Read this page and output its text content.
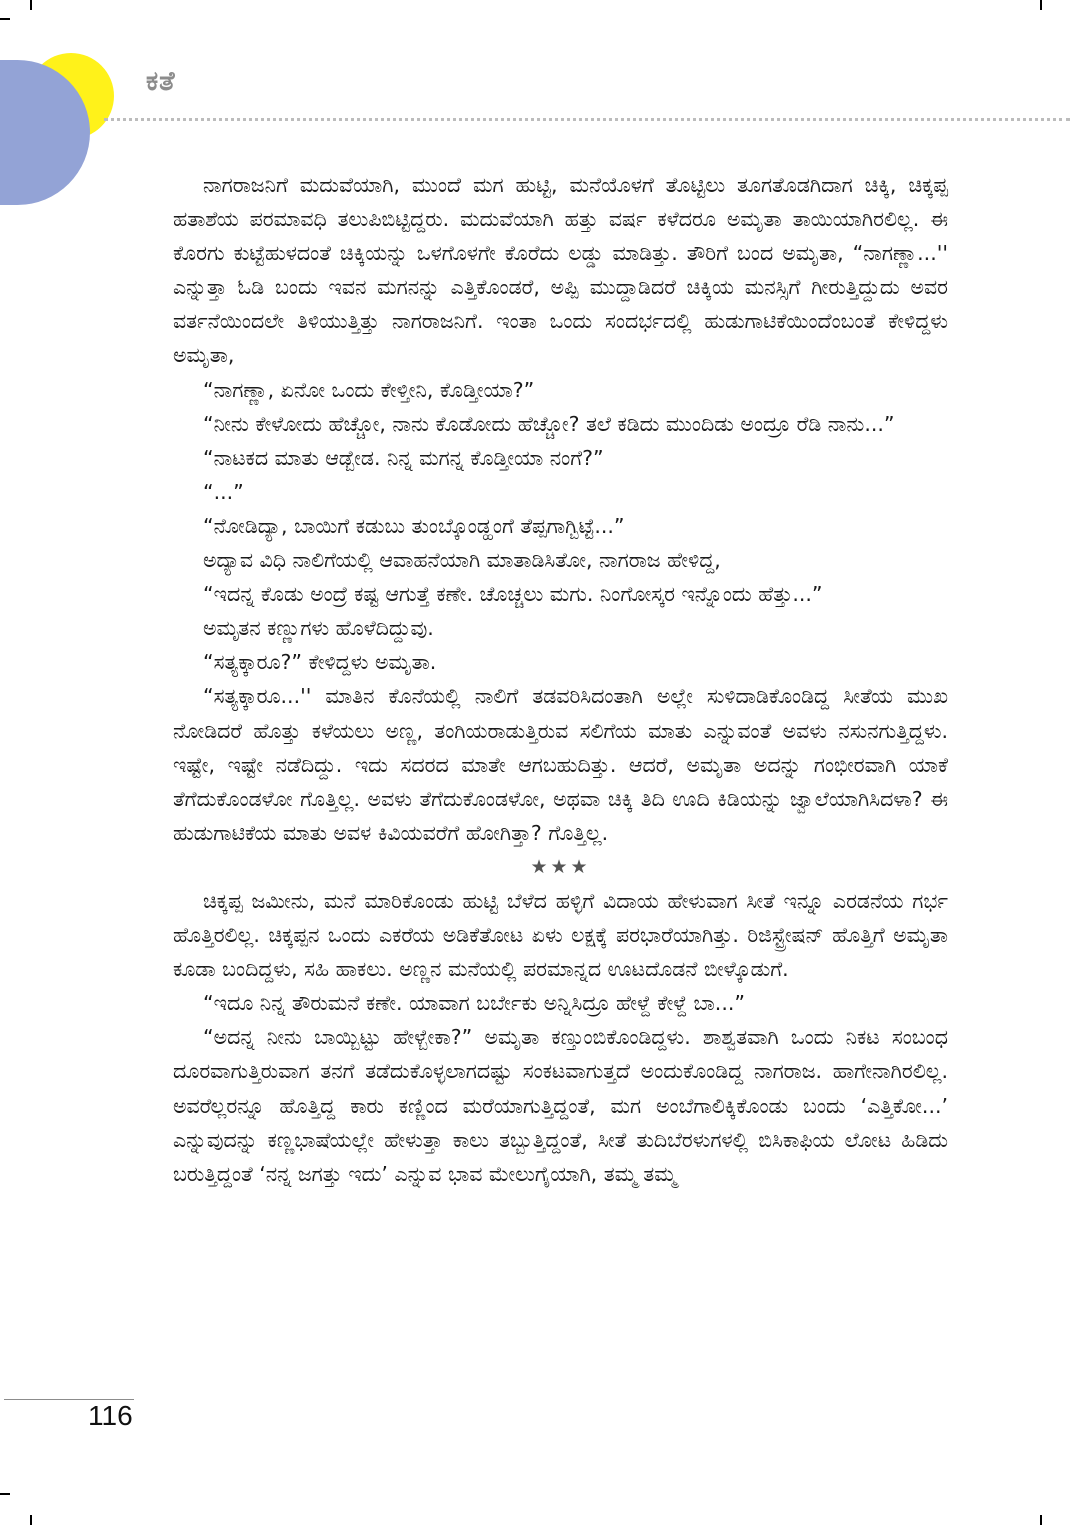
ಕತೆ

ನಾಗರಾಜನಿಗೆ ಮದುವೆಯಾಗಿ, ಮುಂದೆ ಮಗ ಹುಟ್ಟಿ, ಮನೆಯೊಳಗೆ ತೊಟ್ಟಿಲು ತೂಗತೊಡಗಿದಾಗ ಚಿಕ್ಕಿ, ಚಿಕ್ಕಪ್ಪ ಹತಾಶೆಯ ಪರಮಾವಧಿ ತಲುಪಿಬಿಟ್ಟಿದ್ದರು. ಮದುವೆಯಾಗಿ ಹತ್ತು ವರ್ಷ ಕಳೆದರೂ ಅಮೃತಾ ತಾಯಿಯಾಗಿರಲಿಲ್ಲ. ಈ ಕೊರಗು ಕುಟ್ಟೆಹುಳದಂತೆ ಚಿಕ್ಕಿಯನ್ನು ಒಳಗೊಳಗೇ ಕೊರೆದು ಲಡ್ಡು ಮಾಡಿತ್ತು. ತೌರಿಗೆ ಬಂದ ಅಮೃತಾ, “ನಾಗಣ್ಣಾ...'' ಎನ್ನುತ್ತಾ ಓಡಿ ಬಂದು ಇವನ ಮಗನನ್ನು ಎತ್ತಿಕೊಂಡರೆ, ಅಪ್ಪಿ ಮುದ್ದಾಡಿದರೆ ಚಿಕ್ಕಿಯ ಮನಸ್ಸಿಗೆ ಗೀರುತ್ತಿದ್ದುದು ಅವರ ವರ್ತನೆಯಿಂದಲೇ ತಿಳಿಯುತ್ತಿತ್ತು ನಾಗರಾಜನಿಗೆ. ಇಂತಾ ಒಂದು ಸಂದರ್ಭದಲ್ಲಿ ಹುಡುಗಾಟಿಕೆಯಿಂದೆಂಬಂತೆ ಕೇಳಿದ್ದಳು ಅಮೃತಾ,

“ನಾಗಣ್ಣಾ, ಏನೋ ಒಂದು ಕೇಳ್ತೀನಿ, ಕೊಡ್ತೀಯಾ?”

“ನೀನು ಕೇಳೋದು ಹೆಚ್ಚೋ, ನಾನು ಕೊಡೋದು ಹೆಚ್ಚೋ? ತಲೆ ಕಡಿದು ಮುಂದಿಡು ಅಂದ್ರೂ ರೆಡಿ ನಾನು...”

“ನಾಟಕದ ಮಾತು ಆಡ್ಬೇಡ. ನಿನ್ನ ಮಗನ್ನ ಕೊಡ್ತೀಯಾ ನಂಗೆ?”

“...”

“ನೋಡಿದ್ಯಾ, ಬಾಯಿಗೆ ಕಡುಬು ತುಂಬ್ಕೊಂಡ್ಹಂಗೆ ತೆಪ್ಪಗಾಗ್ಬಿಟ್ಟೆ...”

ಅದ್ಯಾವ ವಿಧಿ ನಾಲಿಗೆಯಲ್ಲಿ ಆವಾಹನೆಯಾಗಿ ಮಾತಾಡಿಸಿತೋ, ನಾಗರಾಜ ಹೇಳಿದ್ದ,

“ಇದನ್ನ ಕೊಡು ಅಂದ್ರೆ ಕಷ್ಟ ಆಗುತ್ತೆ ಕಣೇ. ಚೊಚ್ಚಲು ಮಗು. ನಿಂಗೋಸ್ಕರ ಇನ್ನೊಂದು ಹೆತ್ತು...”

ಅಮೃತನ ಕಣ್ಣುಗಳು ಹೊಳೆದಿದ್ದುವು.

“ಸತ್ಯಕ್ಕಾರೂ?” ಕೇಳಿದ್ದಳು ಅಮೃತಾ.

“ಸತ್ಯಕ್ಕಾರೂ...'' ಮಾತಿನ ಕೊನೆಯಲ್ಲಿ ನಾಲಿಗೆ ತಡವರಿಸಿದಂತಾಗಿ ಅಲ್ಲೇ ಸುಳಿದಾಡಿಕೊಂಡಿದ್ದ ಸೀತೆಯ ಮುಖ ನೋಡಿದರೆ ಹೊತ್ತು ಕಳೆಯಲು ಅಣ್ಣ, ತಂಗಿಯರಾಡುತ್ತಿರುವ ಸಲಿಗೆಯ ಮಾತು ಎನ್ನುವಂತೆ ಅವಳು ನಸುನಗುತ್ತಿದ್ದಳು. ಇಷ್ಟೇ, ಇಷ್ಟೇ ನಡೆದಿದ್ದು. ಇದು ಸದರದ ಮಾತೇ ಆಗಬಹುದಿತ್ತು. ಆದರೆ, ಅಮೃತಾ ಅದನ್ನು ಗಂಭೀರವಾಗಿ ಯಾಕೆ ತೆಗೆದುಕೊಂಡಳೋ ಗೊತ್ತಿಲ್ಲ. ಅವಳು ತೆಗೆದುಕೊಂಡಳೋ, ಅಥವಾ ಚಿಕ್ಕಿ ತಿದಿ ಊದಿ ಕಿಡಿಯನ್ನು ಜ್ವಾಲೆಯಾಗಿಸಿದಳಾ? ಈ ಹುಡುಗಾಟಿಕೆಯ ಮಾತು ಅವಳ ಕಿವಿಯವರೆಗೆ ಹೋಗಿತ್ತಾ? ಗೊತ್ತಿಲ್ಲ.

★★★

ಚಿಕ್ಕಪ್ಪ ಜಮೀನು, ಮನೆ ಮಾರಿಕೊಂಡು ಹುಟ್ಟಿ ಬೆಳೆದ ಹಳ್ಳಿಗೆ ವಿದಾಯ ಹೇಳುವಾಗ ಸೀತೆ ಇನ್ನೂ ಎರಡನೆಯ ಗರ್ಭ ಹೊತ್ತಿರಲಿಲ್ಲ. ಚಿಕ್ಕಪ್ಪನ ಒಂದು ಎಕರೆಯ ಅಡಿಕೆತೋಟ ಏಳು ಲಕ್ಷಕ್ಕೆ ಪರಭಾರೆಯಾಗಿತ್ತು. ರಿಜಿಸ್ಟ್ರೇಷನ್ ಹೊತ್ತಿಗೆ ಅಮೃತಾ ಕೂಡಾ ಬಂದಿದ್ದಳು, ಸಹಿ ಹಾಕಲು. ಅಣ್ಣನ ಮನೆಯಲ್ಲಿ ಪರಮಾನ್ನದ ಊಟದೊಡನೆ ಬೀಳ್ಕೊಡುಗೆ.

“ಇದೂ ನಿನ್ನ ತೌರುಮನೆ ಕಣೇ. ಯಾವಾಗ ಬರ್ಬೇಕು ಅನ್ನಿಸಿದ್ರೂ ಹೇಳ್ದೆ ಕೇಳ್ದೆ ಬಾ...”

“ಅದನ್ನ ನೀನು ಬಾಯ್ಬಿಟ್ಟು ಹೇಳ್ಬೇಕಾ?” ಅಮೃತಾ ಕಣ್ತುಂಬಿಕೊಂಡಿದ್ದಳು. ಶಾಶ್ವತವಾಗಿ ಒಂದು ನಿಕಟ ಸಂಬಂಧ ದೂರವಾಗುತ್ತಿರುವಾಗ ತನಗೆ ತಡೆದುಕೊಳ್ಳಲಾಗದಷ್ಟು ಸಂಕಟವಾಗುತ್ತದೆ ಅಂದುಕೊಂಡಿದ್ದ ನಾಗರಾಜ. ಹಾಗೇನಾಗಿರಲಿಲ್ಲ. ಅವರೆಲ್ಲರನ್ನೂ ಹೊತ್ತಿದ್ದ ಕಾರು ಕಣ್ಣಿಂದ ಮರೆಯಾಗುತ್ತಿದ್ದಂತೆ, ಮಗ ಅಂಬೆಗಾಲಿಕ್ಕಿಕೊಂಡು ಬಂದು ‘ಎತ್ತಿಕೋ...’ ಎನ್ನುವುದನ್ನು ಕಣ್ಣಭಾಷೆಯಲ್ಲೇ ಹೇಳುತ್ತಾ ಕಾಲು ತಬ್ಬುತ್ತಿದ್ದಂತೆ, ಸೀತೆ ತುದಿಬೆರಳುಗಳಲ್ಲಿ ಬಿಸಿಕಾಫಿಯ ಲೋಟ ಹಿಡಿದು ಬರುತ್ತಿದ್ದಂತೆ ‘ನನ್ನ ಜಗತ್ತು ಇದು’ ಎನ್ನುವ ಭಾವ ಮೇಲುಗೈಯಾಗಿ, ತಮ್ಮ ತಮ್ಮ

116
